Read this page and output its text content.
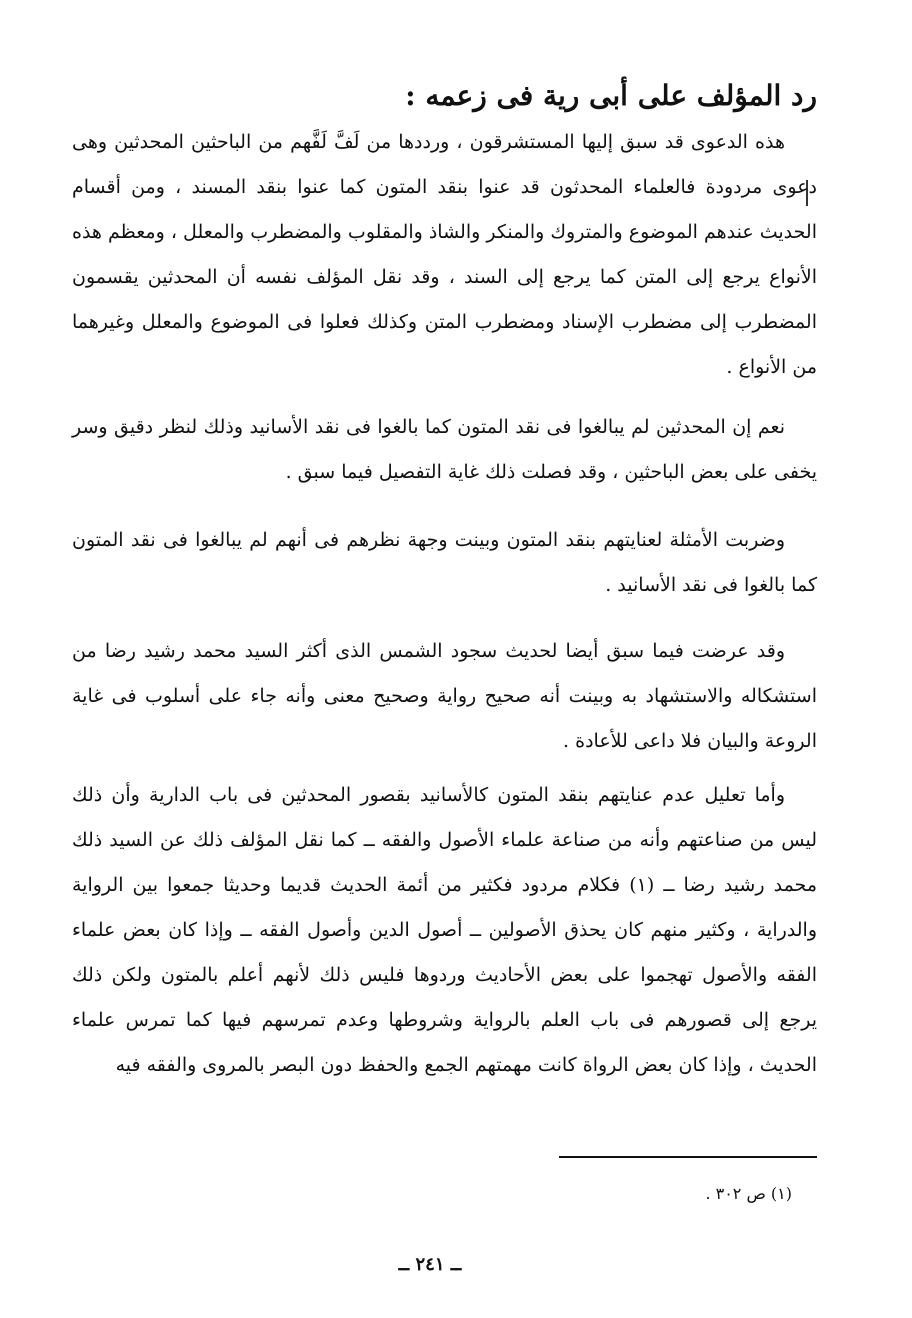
رد المؤلف على أبى رية فى زعمه :

هذه الدعوى قد سبق إليها المستشرقون ، ورددها من لَفَّ لَفَّهم من الباحثين المحدثين وهى دعوى مردودة فالعلماء المحدثون قد عنوا بنقد المتون كما عنوا بنقد المسند ، ومن أقسام الحديث عندهم الموضوع والمتروك والمنكر والشاذ والمقلوب والمضطرب والمعلل ، ومعظم هذه الأنواع يرجع إلى المتن كما يرجع إلى السند ، وقد نقل المؤلف نفسه أن المحدثين يقسمون المضطرب إلى مضطرب الإسناد ومضطرب المتن وكذلك فعلوا فى الموضوع والمعلل وغيرهما من الأنواع .

نعم إن المحدثين لم يبالغوا فى نقد المتون كما بالغوا فى نقد الأسانيد وذلك لنظر دقيق وسر يخفى على بعض الباحثين ، وقد فصلت ذلك غاية التفصيل فيما سبق .

وضربت الأمثلة لعنايتهم بنقد المتون وبينت وجهة نظرهم فى أنهم لم يبالغوا فى نقد المتون كما بالغوا فى نقد الأسانيد .

وقد عرضت فيما سبق أيضا لحديث سجود الشمس الذى أكثر السيد محمد رشيد رضا من استشكاله والاستشهاد به وبينت أنه صحيح رواية وصحيح معنى وأنه جاء على أسلوب فى غاية الروعة والبيان فلا داعى للأعادة .

وأما تعليل عدم عنايتهم بنقد المتون كالأسانيد بقصور المحدثين فى باب الدارية وأن ذلك ليس من صناعتهم وأنه من صناعة علماء الأصول والفقه ــ كما نقل المؤلف ذلك عن السيد ذلك محمد رشيد رضا ــ (١) فكلام مردود فكثير من أئمة الحديث قديما وحديثا جمعوا بين الرواية والدراية ، وكثير منهم كان يحذق الأصولين ــ أصول الدين وأصول الفقه ــ وإذا كان بعض علماء الفقه والأصول تهجموا على بعض الأحاديث وردوها فليس ذلك لأنهم أعلم بالمتون ولكن ذلك يرجع إلى قصورهم فى باب العلم بالرواية وشروطها وعدم تمرسهم فيها كما تمرس علماء الحديث ، وإذا كان بعض الرواة كانت مهمتهم الجمع والحفظ دون البصر بالمروى والفقه فيه

(١) ص ٣٠٢ .
ــ ٢٤١ ــ
